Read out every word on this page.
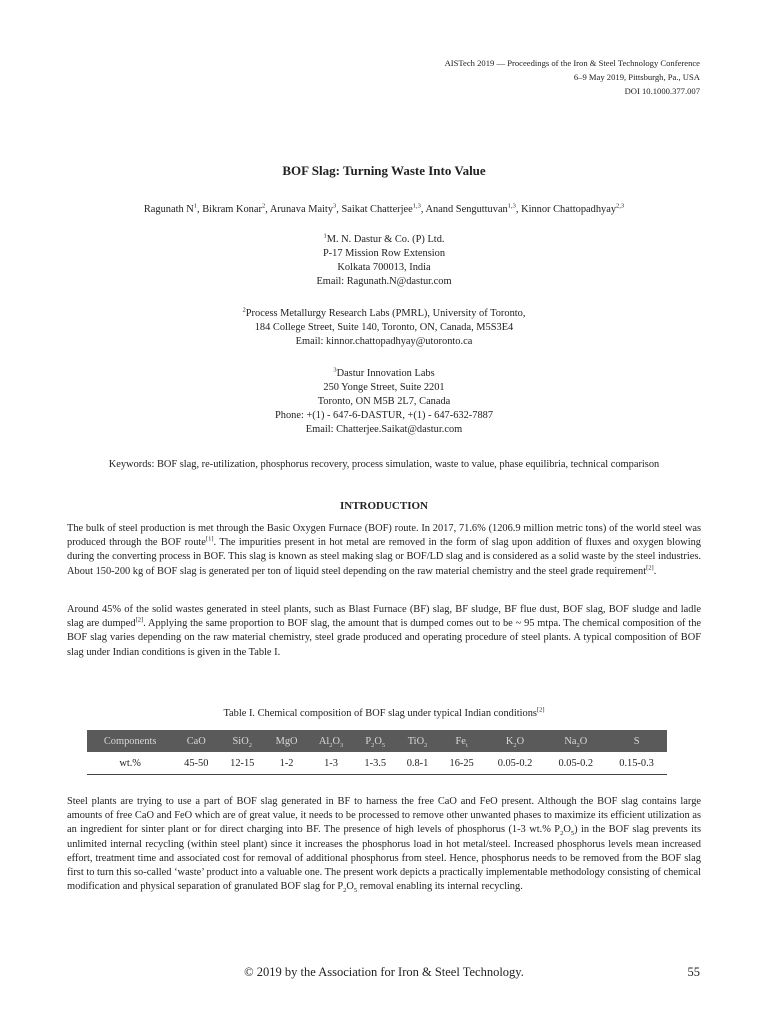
AISTech 2019 — Proceedings of the Iron & Steel Technology Conference
6–9 May 2019, Pittsburgh, Pa., USA
DOI 10.1000.377.007
BOF Slag: Turning Waste Into Value
Ragunath $N^1$, Bikram Konar$^2$, Arunava Maity$^3$, Saikat Chatterjee$^{1,3}$, Anand Senguttuvan$^{1,3}$, Kinnor Chattopadhyay$^{2,3}$
$^1$M. N. Dastur & Co. (P) Ltd.
P-17 Mission Row Extension
Kolkata 700013, India
Email: Ragunath.N@dastur.com
$^2$Process Metallurgy Research Labs (PMRL), University of Toronto,
184 College Street, Suite 140, Toronto, ON, Canada, M5S3E4
Email: kinnor.chattopadhyay@utoronto.ca
$^3$Dastur Innovation Labs
250 Yonge Street, Suite 2201
Toronto, ON M5B 2L7, Canada
Phone: +(1) - 647-6-DASTUR, +(1) - 647-632-7887
Email: Chatterjee.Saikat@dastur.com
Keywords: BOF slag, re-utilization, phosphorus recovery, process simulation, waste to value, phase equilibria, technical comparison
INTRODUCTION

The bulk of steel production is met through the Basic Oxygen Furnace (BOF) route. In 2017, 71.6% (1206.9 million metric tons) of the world steel was produced through the BOF route[1]. The impurities present in hot metal are removed in the form of slag upon addition of fluxes and oxygen blowing during the converting process in BOF. This slag is known as steel making slag or BOF/LD slag and is considered as a solid waste by the steel industries. About 150-200 kg of BOF slag is generated per ton of liquid steel depending on the raw material chemistry and the steel grade requirement[2].

Around 45% of the solid wastes generated in steel plants, such as Blast Furnace (BF) slag, BF sludge, BF flue dust, BOF slag, BOF sludge and ladle slag are dumped[2]. Applying the same proportion to BOF slag, the amount that is dumped comes out to be ~ 95 mtpa. The chemical composition of the BOF slag varies depending on the raw material chemistry, steel grade produced and operating procedure of steel plants. A typical composition of BOF slag under Indian conditions is given in the Table I.

Table I. Chemical composition of BOF slag under typical Indian conditions[2]
Components	CaO	SiO$_2$	MgO	$Al_2O_3$	$P_2O_5$	TiO$_2$	$Fe_t$	$K_2O$	$Na_2O$	S
wt.%	45-50	12-15	1-2	1-3	1-3.5	0.8-1	16-25	0.05-0.2	0.05-0.2	0.15-0.3

Steel plants are trying to use a part of BOF slag generated in BF to harness the free CaO and FeO present. Although the BOF slag contains large amounts of free CaO and FeO which are of great value, it needs to be processed to remove other unwanted phases to maximize its efficient utilization as an ingredient for sinter plant or for direct charging into BF. The presence of high levels of phosphorus (1-3 wt.% $P_2O_5$) in the BOF slag prevents its unlimited internal recycling (within steel plant) since it increases the phosphorus load in hot metal/steel. Increased phosphorus levels mean increased effort, treatment time and associated cost for removal of additional phosphorus from steel. Hence, phosphorus needs to be removed from the BOF slag first to turn this so-called ‘waste’ product into a valuable one. The present work depicts a practically implementable methodology consisting of chemical modification and physical separation of granulated BOF slag for $P_2O_5$ removal enabling its internal recycling.

© 2019 by the Association for Iron & Steel Technology.	55
